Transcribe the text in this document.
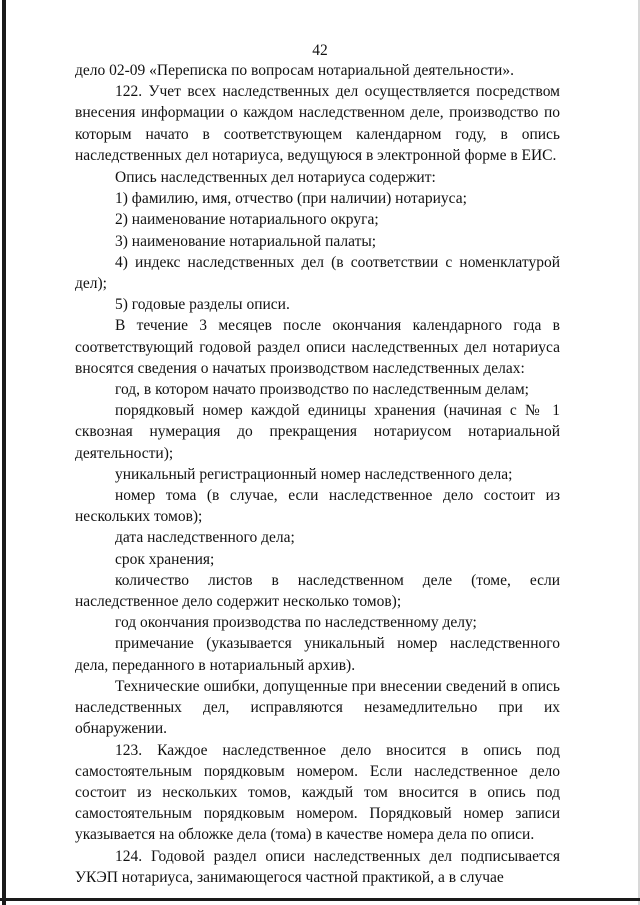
42

дело 02-09 «Переписка по вопросам нотариальной деятельности».

122. Учет всех наследственных дел осуществляется посредством внесения информации о каждом наследственном деле, производство по которым начато в соответствующем календарном году, в опись наследственных дел нотариуса, ведущуюся в электронной форме в ЕИС.

Опись наследственных дел нотариуса содержит:

1) фамилию, имя, отчество (при наличии) нотариуса;

2) наименование нотариального округа;

3) наименование нотариальной палаты;

4) индекс наследственных дел (в соответствии с номенклатурой дел);

5) годовые разделы описи.

В течение 3 месяцев после окончания календарного года в соответствующий годовой раздел описи наследственных дел нотариуса вносятся сведения о начатых производством наследственных делах:

год, в котором начато производство по наследственным делам;

порядковый номер каждой единицы хранения (начиная с № 1 сквозная нумерация до прекращения нотариусом нотариальной деятельности);

уникальный регистрационный номер наследственного дела;

номер тома (в случае, если наследственное дело состоит из нескольких томов);

дата наследственного дела;

срок хранения;

количество листов в наследственном деле (томе, если наследственное дело содержит несколько томов);

год окончания производства по наследственному делу;

примечание (указывается уникальный номер наследственного дела, переданного в нотариальный архив).

Технические ошибки, допущенные при внесении сведений в опись наследственных дел, исправляются незамедлительно при их обнаружении.

123. Каждое наследственное дело вносится в опись под самостоятельным порядковым номером. Если наследственное дело состоит из нескольких томов, каждый том вносится в опись под самостоятельным порядковым номером. Порядковый номер записи указывается на обложке дела (тома) в качестве номера дела по описи.

124. Годовой раздел описи наследственных дел подписывается УКЭП нотариуса, занимающегося частной практикой, а в случае
